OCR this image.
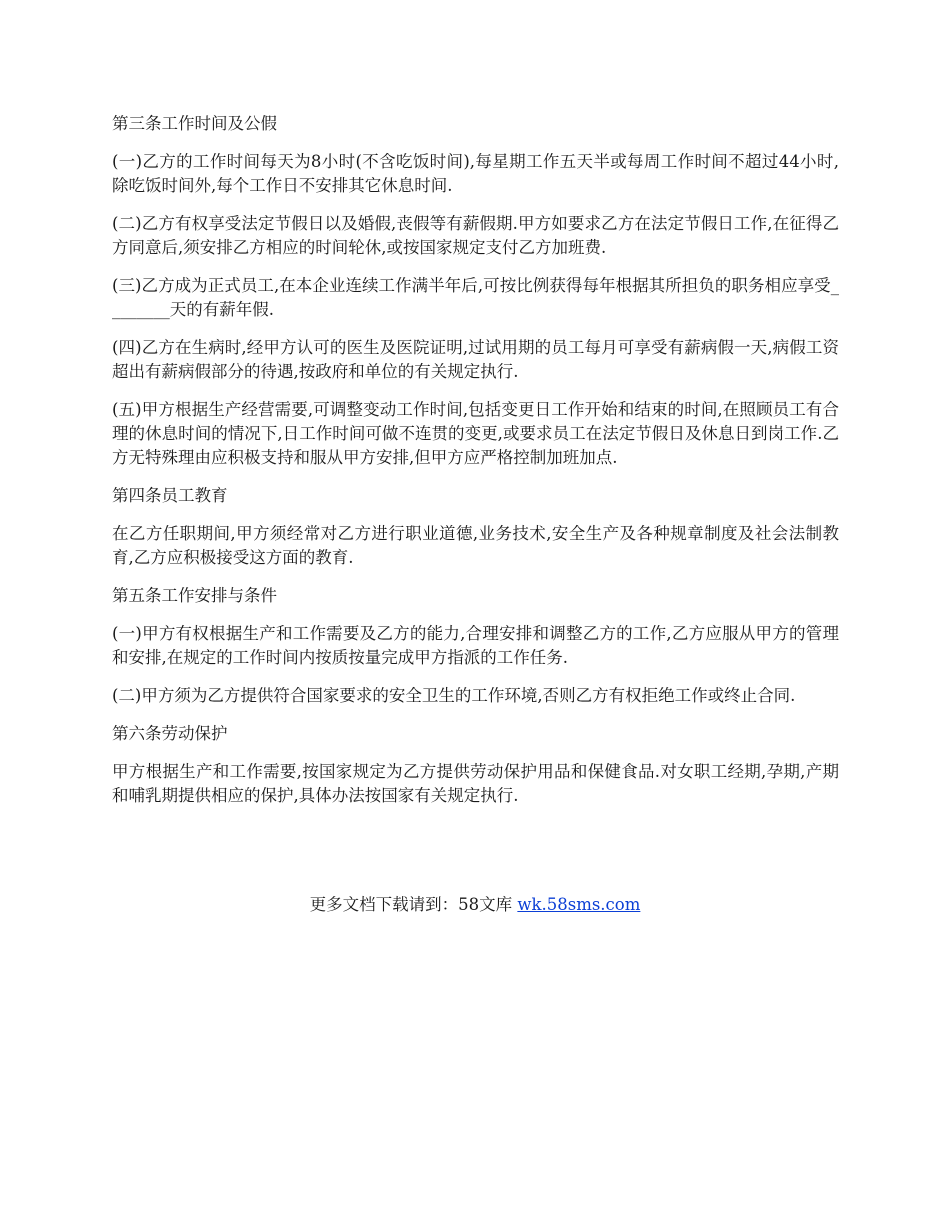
第三条工作时间及公假

(一)乙方的工作时间每天为8小时(不含吃饭时间),每星期工作五天半或每周工作时间不超过44小时,除吃饭时间外,每个工作日不安排其它休息时间.

(二)乙方有权享受法定节假日以及婚假,丧假等有薪假期.甲方如要求乙方在法定节假日工作,在征得乙方同意后,须安排乙方相应的时间轮休,或按国家规定支付乙方加班费.

(三)乙方成为正式员工,在本企业连续工作满半年后,可按比例获得每年根据其所担负的职务相应享受________天的有薪年假.

(四)乙方在生病时,经甲方认可的医生及医院证明,过试用期的员工每月可享受有薪病假一天,病假工资超出有薪病假部分的待遇,按政府和单位的有关规定执行.

(五)甲方根据生产经营需要,可调整变动工作时间,包括变更日工作开始和结束的时间,在照顾员工有合理的休息时间的情况下,日工作时间可做不连贯的变更,或要求员工在法定节假日及休息日到岗工作.乙方无特殊理由应积极支持和服从甲方安排,但甲方应严格控制加班加点.

第四条员工教育

在乙方任职期间,甲方须经常对乙方进行职业道德,业务技术,安全生产及各种规章制度及社会法制教育,乙方应积极接受这方面的教育.

第五条工作安排与条件

(一)甲方有权根据生产和工作需要及乙方的能力,合理安排和调整乙方的工作,乙方应服从甲方的管理和安排,在规定的工作时间内按质按量完成甲方指派的工作任务.

(二)甲方须为乙方提供符合国家要求的安全卫生的工作环境,否则乙方有权拒绝工作或终止合同.

第六条劳动保护

甲方根据生产和工作需要,按国家规定为乙方提供劳动保护用品和保健食品.对女职工经期,孕期,产期和哺乳期提供相应的保护,具体办法按国家有关规定执行.

更多文档下载请到：58文库 wk.58sms.com
